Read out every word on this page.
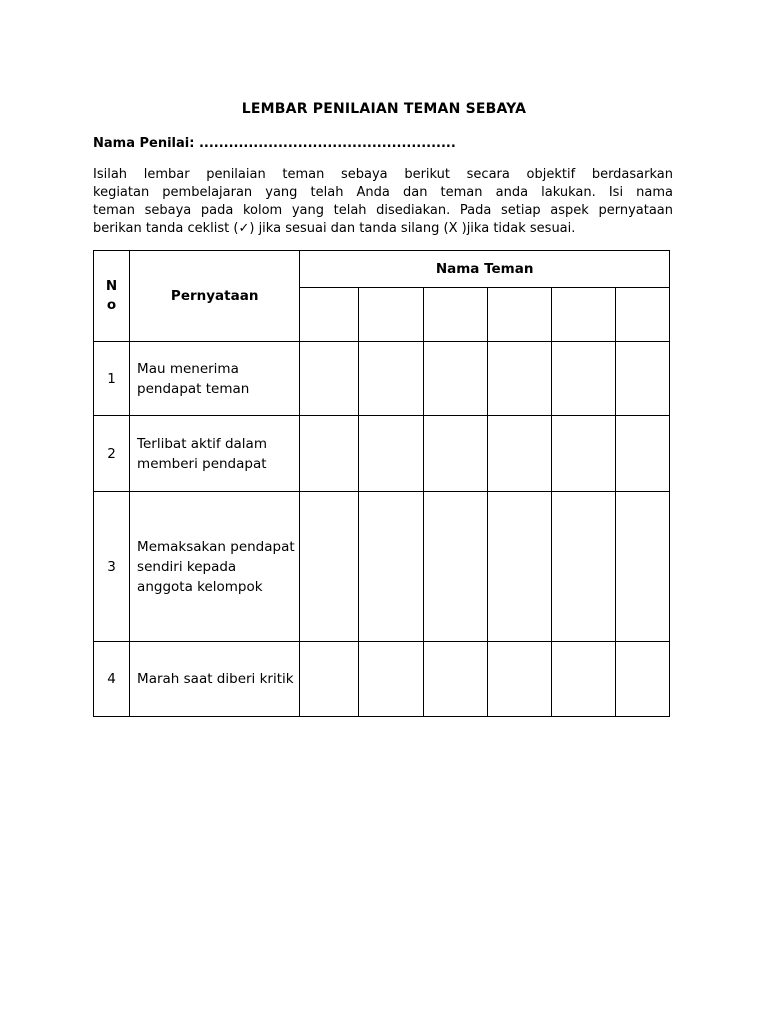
LEMBAR PENILAIAN TEMAN SEBAYA
Nama Penilai: ....................................................
Isilah lembar penilaian teman sebaya berikut secara objektif berdasarkan
kegiatan pembelajaran yang telah Anda dan teman anda lakukan. Isi nama
teman sebaya pada kolom yang telah disediakan. Pada setiap aspek pernyataan
berikan tanda ceklist (✓) jika sesuai dan tanda silang (X )jika tidak sesuai.
N
o	Pernyataan	Nama Teman					

1	Mau menerima pendapat teman						
2	Terlibat aktif dalam memberi pendapat						
3	Memaksakan pendapat sendiri kepada anggota kelompok						
4	Marah saat diberi kritik						
